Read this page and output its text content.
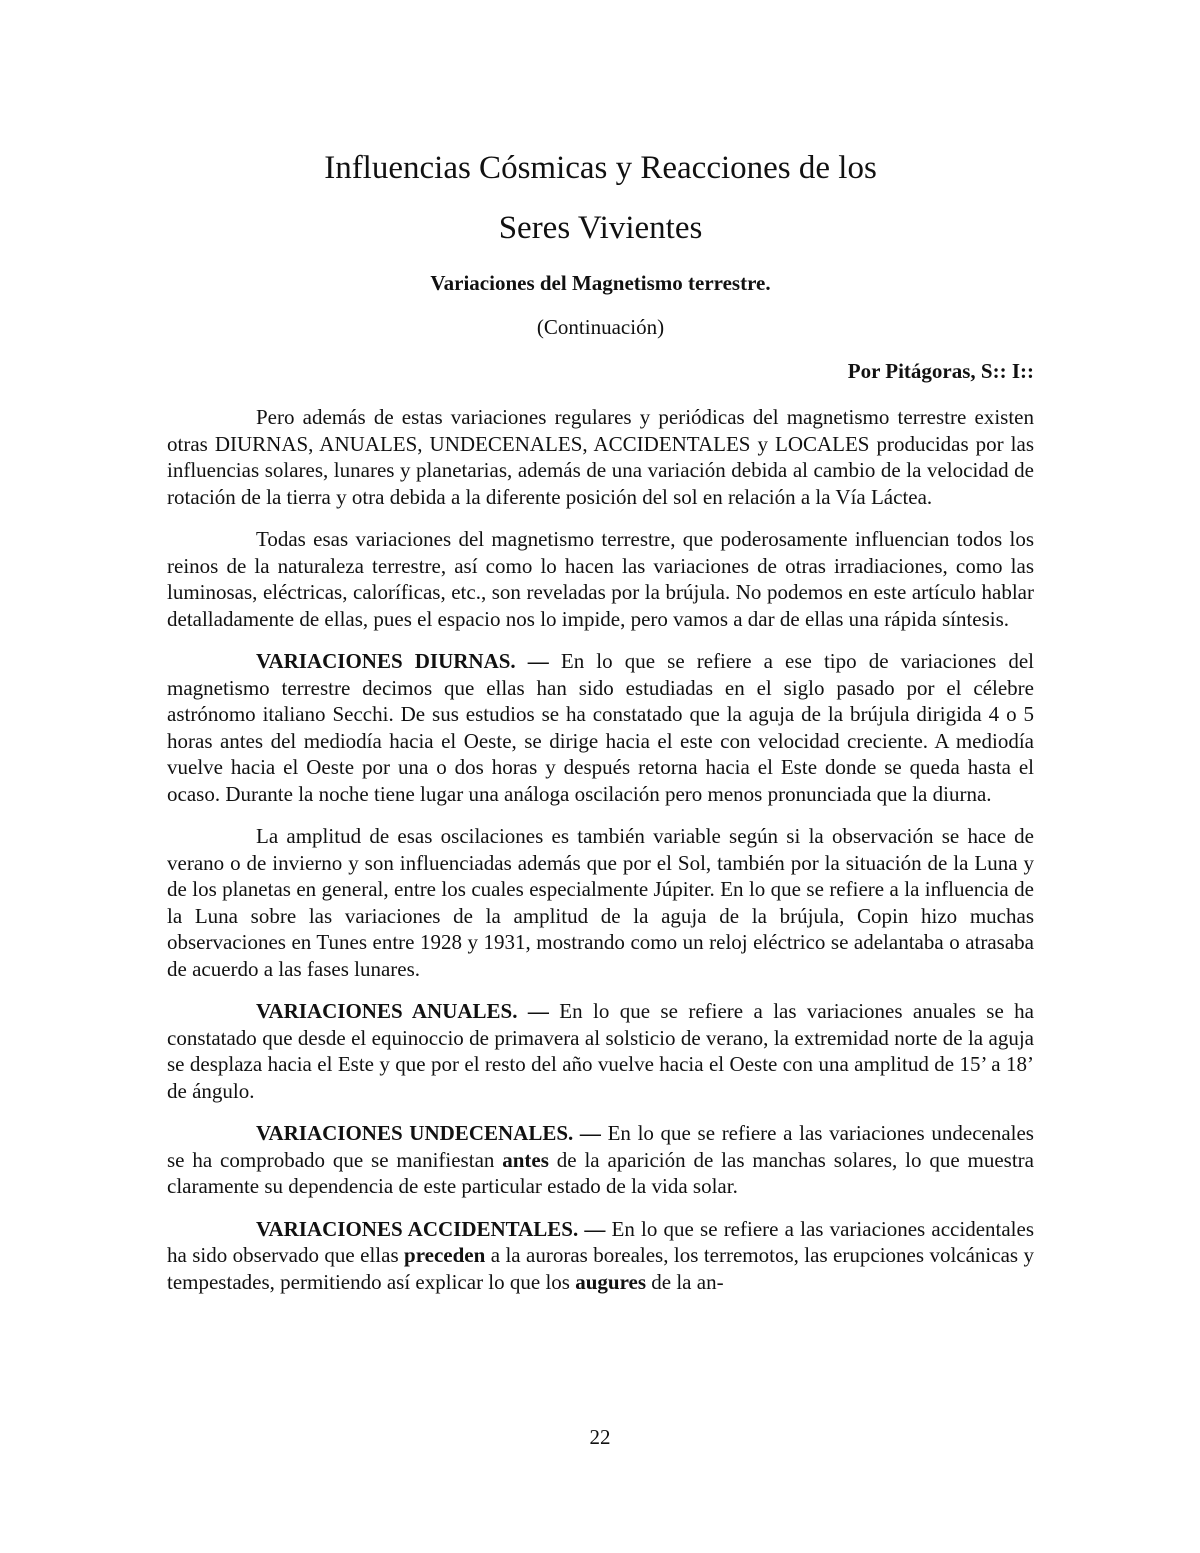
Influencias Cósmicas y Reacciones de los
Seres Vivientes

Variaciones del Magnetismo terrestre.

(Continuación)

Por Pitágoras, S:: I::

Pero además de estas variaciones regulares y periódicas del magnetismo terrestre existen otras DIURNAS, ANUALES, UNDECENALES, ACCIDENTALES y LOCALES producidas por las influencias solares, lunares y planetarias, además de una variación debida al cambio de la velocidad de rotación de la tierra y otra debida a la diferente posición del sol en relación a la Vía Láctea.

Todas esas variaciones del magnetismo terrestre, que poderosamente influencian todos los reinos de la naturaleza terrestre, así como lo hacen las variaciones de otras irradiaciones, como las luminosas, eléctricas, caloríficas, etc., son reveladas por la brújula. No podemos en este artículo hablar detalladamente de ellas, pues el espacio nos lo impide, pero vamos a dar de ellas una rápida síntesis.

VARIACIONES DIURNAS. — En lo que se refiere a ese tipo de variaciones del magnetismo terrestre decimos que ellas han sido estudiadas en el siglo pasado por el célebre astrónomo italiano Secchi. De sus estudios se ha constatado que la aguja de la brújula dirigida 4 o 5 horas antes del mediodía hacia el Oeste, se dirige hacia el este con velocidad creciente. A mediodía vuelve hacia el Oeste por una o dos horas y después retorna hacia el Este donde se queda hasta el ocaso. Durante la noche tiene lugar una análoga oscilación pero menos pronunciada que la diurna.

La amplitud de esas oscilaciones es también variable según si la observación se hace de verano o de invierno y son influenciadas además que por el Sol, también por la situación de la Luna y de los planetas en general, entre los cuales especialmente Júpiter. En lo que se refiere a la influencia de la Luna sobre las variaciones de la amplitud de la aguja de la brújula, Copin hizo muchas observaciones en Tunes entre 1928 y 1931, mostrando como un reloj eléctrico se adelantaba o atrasaba de acuerdo a las fases lunares.

VARIACIONES ANUALES. — En lo que se refiere a las variaciones anuales se ha constatado que desde el equinoccio de primavera al solsticio de verano, la extremidad norte de la aguja se desplaza hacia el Este y que por el resto del año vuelve hacia el Oeste con una amplitud de 15’ a 18’ de ángulo.

VARIACIONES UNDECENALES. — En lo que se refiere a las variaciones undecenales se ha comprobado que se manifiestan antes de la aparición de las manchas solares, lo que muestra claramente su dependencia de este particular estado de la vida solar.

VARIACIONES ACCIDENTALES. — En lo que se refiere a las variaciones accidentales ha sido observado que ellas preceden a la auroras boreales, los terremotos, las erupciones volcánicas y tempestades, permitiendo así explicar lo que los augures de la an-

22
